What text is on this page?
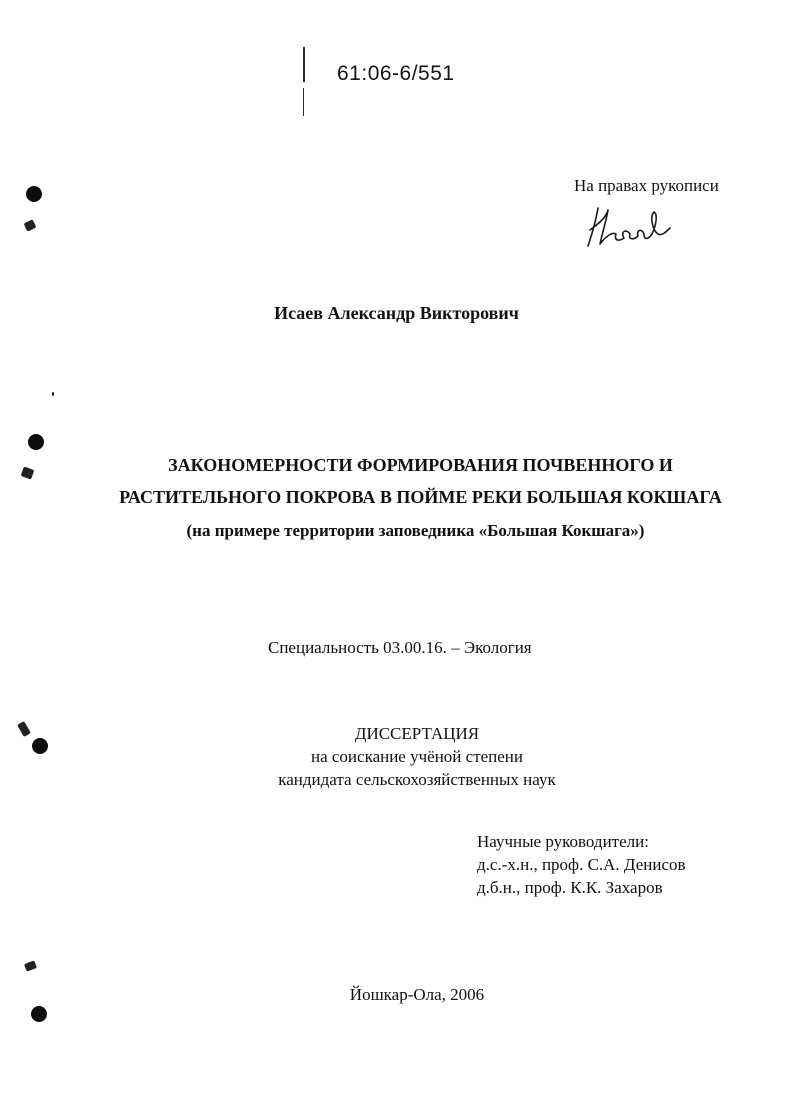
61:06-6/551
На правах рукописи
Исаев Александр Викторович
ЗАКОНОМЕРНОСТИ ФОРМИРОВАНИЯ ПОЧВЕННОГО И
РАСТИТЕЛЬНОГО ПОКРОВА В ПОЙМЕ РЕКИ БОЛЬШАЯ КОКШАГА
(на примере территории заповедника «Большая Кокшага»)
Специальность 03.00.16. – Экология
ДИССЕРТАЦИЯ
на соискание учёной степени
кандидата сельскохозяйственных наук
Научные руководители:
д.с.-х.н., проф. С.А. Денисов
д.б.н., проф. К.К. Захаров
Йошкар-Ола, 2006
